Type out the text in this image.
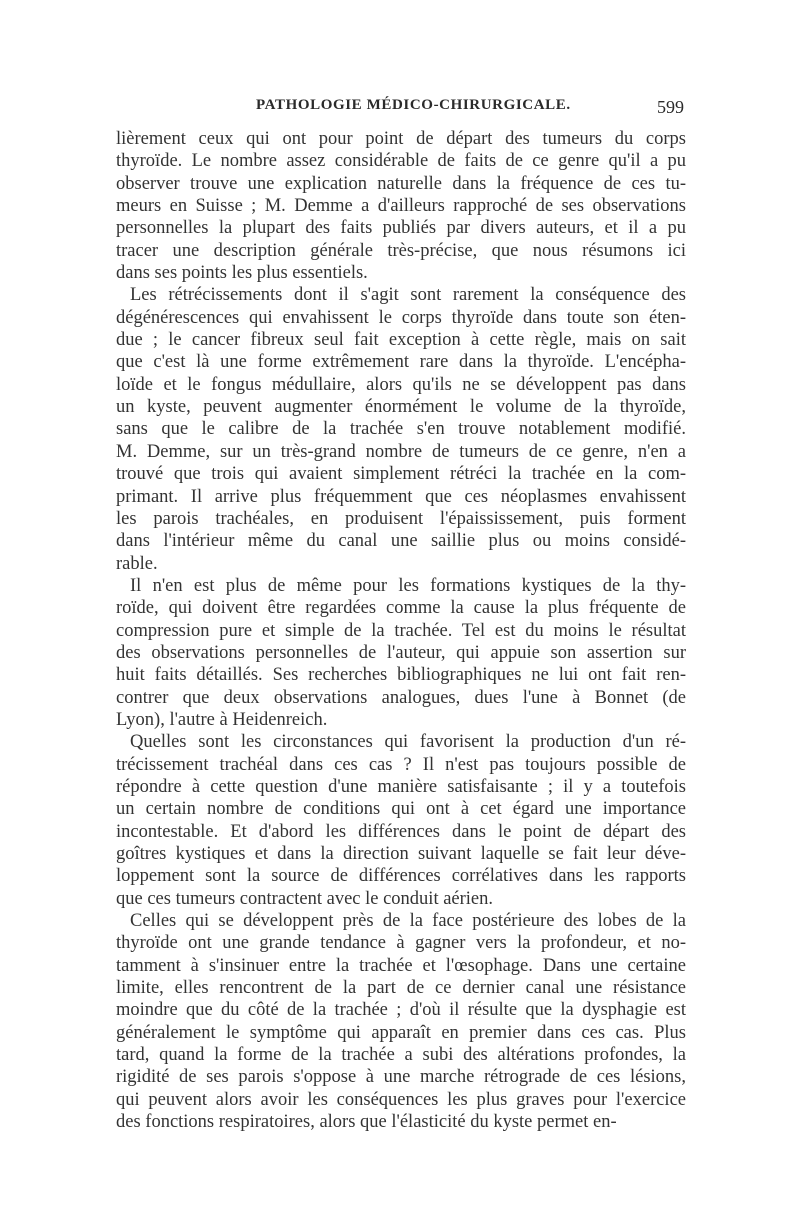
PATHOLOGIE MÉDICO-CHIRURGICALE.	599
lièrement ceux qui ont pour point de départ des tumeurs du corps
thyroïde. Le nombre assez considérable de faits de ce genre qu'il a pu
observer trouve une explication naturelle dans la fréquence de ces tu-
meurs en Suisse ; M. Demme a d'ailleurs rapproché de ses observations
personnelles la plupart des faits publiés par divers auteurs, et il a pu
tracer une description générale très-précise, que nous résumons ici
dans ses points les plus essentiels.
Les rétrécissements dont il s'agit sont rarement la conséquence des
dégénérescences qui envahissent le corps thyroïde dans toute son éten-
due ; le cancer fibreux seul fait exception à cette règle, mais on sait
que c'est là une forme extrêmement rare dans la thyroïde. L'encépha-
loïde et le fongus médullaire, alors qu'ils ne se développent pas dans
un kyste, peuvent augmenter énormément le volume de la thyroïde,
sans que le calibre de la trachée s'en trouve notablement modifié.
M. Demme, sur un très-grand nombre de tumeurs de ce genre, n'en a
trouvé que trois qui avaient simplement rétréci la trachée en la com-
primant. Il arrive plus fréquemment que ces néoplasmes envahissent
les parois trachéales, en produisent l'épaississement, puis forment
dans l'intérieur même du canal une saillie plus ou moins considé-
rable.
Il n'en est plus de même pour les formations kystiques de la thy-
roïde, qui doivent être regardées comme la cause la plus fréquente de
compression pure et simple de la trachée. Tel est du moins le résultat
des observations personnelles de l'auteur, qui appuie son assertion sur
huit faits détaillés. Ses recherches bibliographiques ne lui ont fait ren-
contrer que deux observations analogues, dues l'une à Bonnet (de
Lyon), l'autre à Heidenreich.
Quelles sont les circonstances qui favorisent la production d'un ré-
trécissement trachéal dans ces cas ? Il n'est pas toujours possible de
répondre à cette question d'une manière satisfaisante ; il y a toutefois
un certain nombre de conditions qui ont à cet égard une importance
incontestable. Et d'abord les différences dans le point de départ des
goîtres kystiques et dans la direction suivant laquelle se fait leur déve-
loppement sont la source de différences corrélatives dans les rapports
que ces tumeurs contractent avec le conduit aérien.
Celles qui se développent près de la face postérieure des lobes de la
thyroïde ont une grande tendance à gagner vers la profondeur, et no-
tamment à s'insinuer entre la trachée et l'œsophage. Dans une certaine
limite, elles rencontrent de la part de ce dernier canal une résistance
moindre que du côté de la trachée ; d'où il résulte que la dysphagie est
généralement le symptôme qui apparaît en premier dans ces cas. Plus
tard, quand la forme de la trachée a subi des altérations profondes, la
rigidité de ses parois s'oppose à une marche rétrograde de ces lésions,
qui peuvent alors avoir les conséquences les plus graves pour l'exercice
des fonctions respiratoires, alors que l'élasticité du kyste permet en-
